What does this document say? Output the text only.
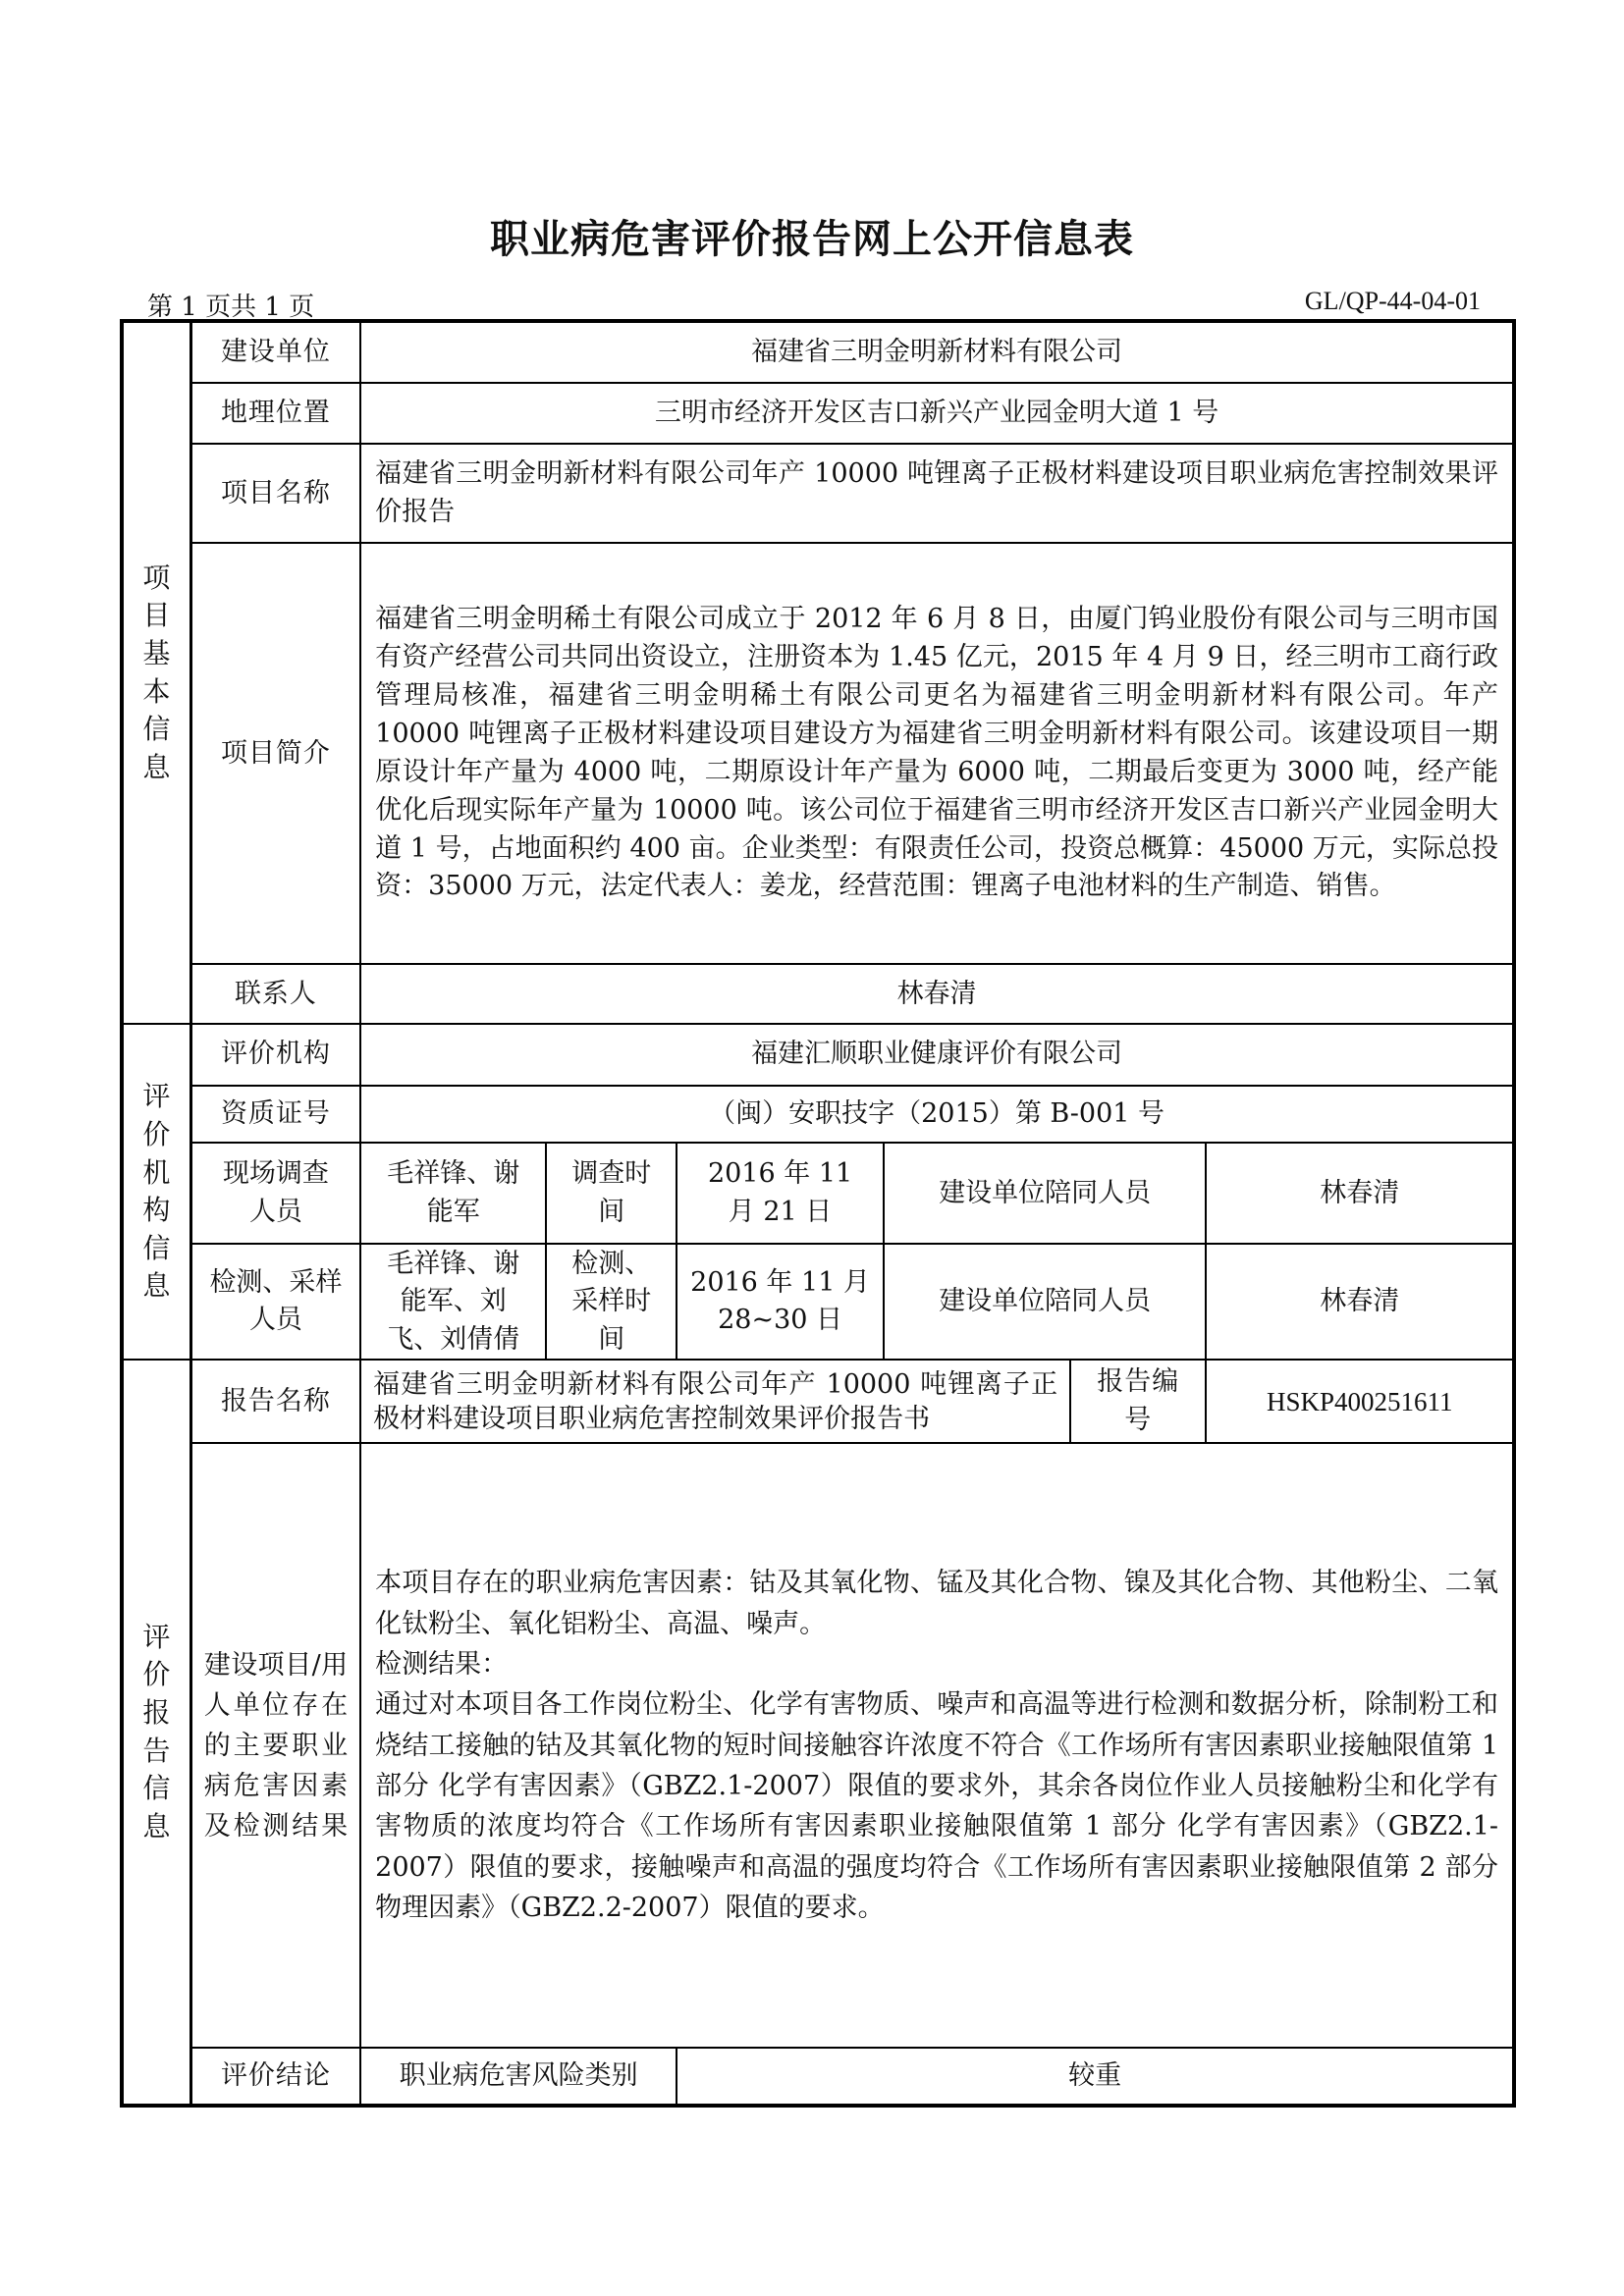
职业病危害评价报告网上公开信息表
第 1 页共 1 页	GL/QP-44-04-01
项目基本信息	建设单位	福建省三明金明新材料有限公司					
	地理位置	三明市经济开发区吉口新兴产业园金明大道 1 号					
	项目名称	福建省三明金明新材料有限公司年产 10000 吨锂离子正极材料建设项目职业病危害控制效果评价报告					
	项目简介	福建省三明金明稀土有限公司成立于 2012 年 6 月 8 日，由厦门钨业股份有限公司与三明市国有资产经营公司共同出资设立，注册资本为 1.45 亿元，2015 年 4 月 9 日，经三明市工商行政管理局核准，福建省三明金明稀土有限公司更名为福建省三明金明新材料有限公司。年产 10000 吨锂离子正极材料建设项目建设方为福建省三明金明新材料有限公司。该建设项目一期原设计年产量为 4000 吨，二期原设计年产量为 6000 吨，二期最后变更为 3000 吨，经产能优化后现实际年产量为 10000 吨。该公司位于福建省三明市经济开发区吉口新兴产业园金明大道 1 号，占地面积约 400 亩。企业类型：有限责任公司，投资总概算：45000 万元，实际总投资：35000 万元，法定代表人：姜龙，经营范围：锂离子电池材料的生产制造、销售。					
	联系人	林春清					
评价机构信息	评价机构	福建汇顺职业健康评价有限公司					
	资质证号	（闽）安职技字（2015）第 B-001 号					
	现场调查人员	毛祥锋、谢能军	调查时间	2016 年 11 月 21 日	建设单位陪同人员		林春清
	检测、采样人员	毛祥锋、谢能军、刘飞、刘倩倩	检测、采样时间	2016 年 11 月 28~30 日	建设单位陪同人员		林春清
评价报告信息	报告名称	福建省三明金明新材料有限公司年产 10000 吨锂离子正极材料建设项目职业病危害控制效果评价报告书				报告编号	HSKP400251611
	建设项目/用人单位存在的主要职业病危害因素及检测结果	本项目存在的职业病危害因素：钴及其氧化物、锰及其化合物、镍及其化合物、其他粉尘、二氧化钛粉尘、氧化铝粉尘、高温、噪声。
检测结果：
通过对本项目各工作岗位粉尘、化学有害物质、噪声和高温等进行检测和数据分析，除制粉工和烧结工接触的钴及其氧化物的短时间接触容许浓度不符合《工作场所有害因素职业接触限值第 1 部分 化学有害因素》（GBZ2.1-2007）限值的要求外，其余各岗位作业人员接触粉尘和化学有害物质的浓度均符合《工作场所有害因素职业接触限值第 1 部分 化学有害因素》（GBZ2.1-2007）限值的要求，接触噪声和高温的强度均符合《工作场所有害因素职业接触限值第 2 部分 物理因素》（GBZ2.2-2007）限值的要求。					

	评价结论	职业病危害风险类别		较重			
